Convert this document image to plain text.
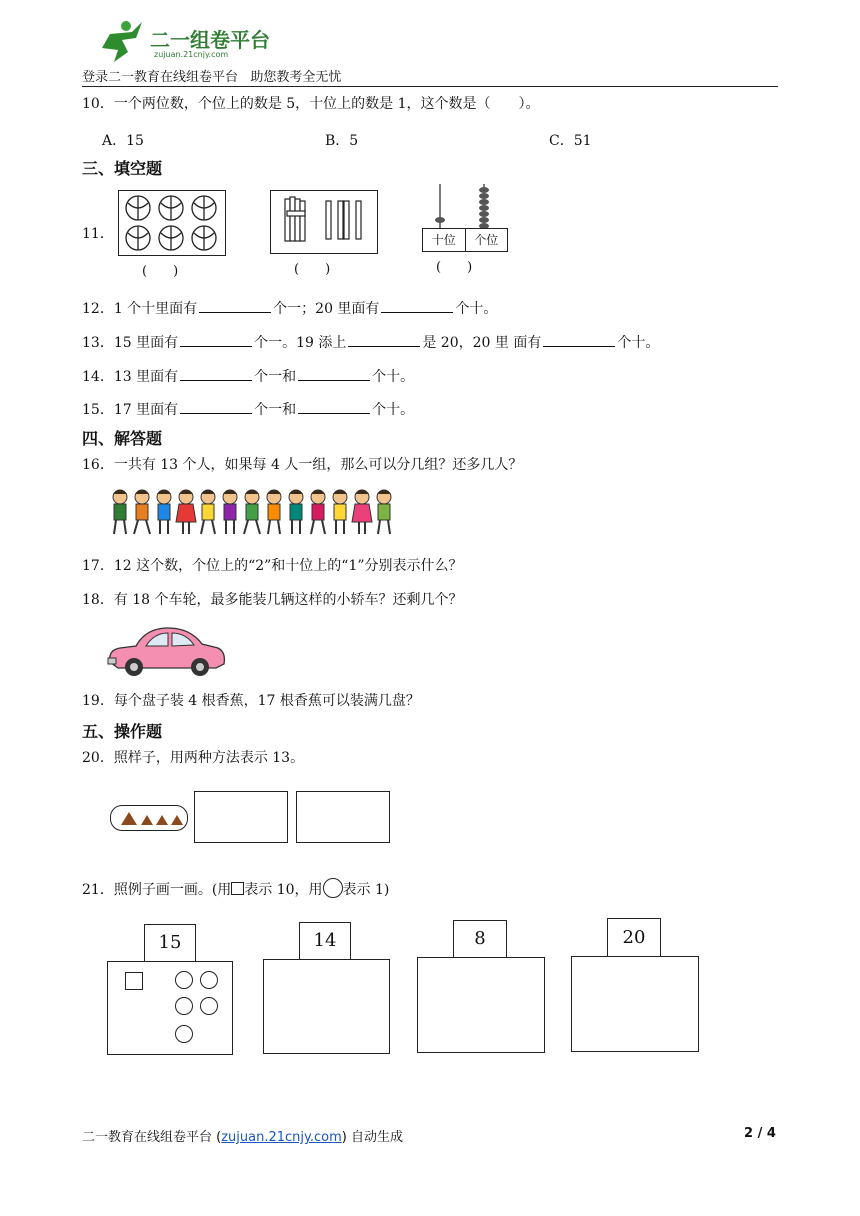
二一组卷平台
zujuan.21cnjy.com
登录二一教育在线组卷平台   助您教考全无忧
10．一个两位数，个位上的数是 5，十位上的数是 1，这个数是（　　）。
A．15	B．5	C．51
三、填空题
11．
(　　)	(　　)
十位	个位
(　　)
12．1 个十里面有	个一；20 里面有	个十。
13．15 里面有	个一。19 添上	是 20，20 里 面有	个十。
14．13 里面有	个一和	个十。
15．17 里面有	个一和	个十。
四、解答题
16．一共有 13 个人，如果每 4 人一组，那么可以分几组？还多几人？
17．12 这个数，个位上的“2”和十位上的“1”分别表示什么？
18．有 18 个车轮，最多能装几辆这样的小轿车？还剩几个？
19．每个盘子装 4 根香蕉，17 根香蕉可以装满几盘？
五、操作题
20．照样子，用两种方法表示 13。
21．照例子画一画。(用 表示 10，用 表示 1)
15	14	8	20
二一教育在线组卷平台 (zujuan.21cnjy.com) 自动生成	2 / 4
